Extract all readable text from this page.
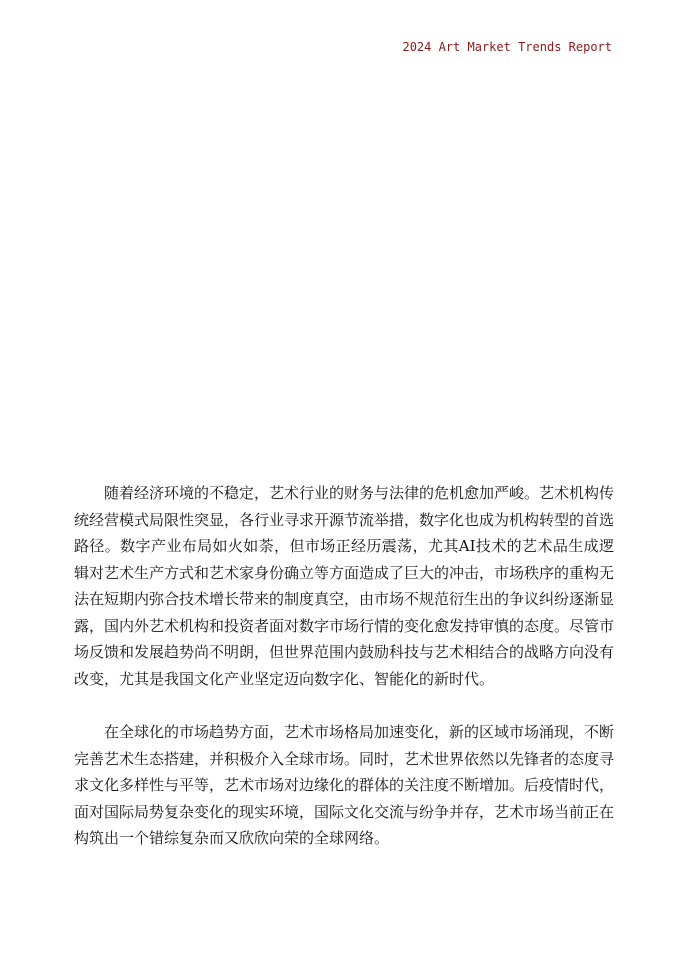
2024 Art Market Trends Report

随着经济环境的不稳定，艺术行业的财务与法律的危机愈加严峻。艺术机构传统经营模式局限性突显，各行业寻求开源节流举措，数字化也成为机构转型的首选路径。数字产业布局如火如荼，但市场正经历震荡，尤其AI技术的艺术品生成逻辑对艺术生产方式和艺术家身份确立等方面造成了巨大的冲击，市场秩序的重构无法在短期内弥合技术增长带来的制度真空，由市场不规范衍生出的争议纠纷逐渐显露，国内外艺术机构和投资者面对数字市场行情的变化愈发持审慎的态度。尽管市场反馈和发展趋势尚不明朗，但世界范围内鼓励科技与艺术相结合的战略方向没有改变，尤其是我国文化产业坚定迈向数字化、智能化的新时代。

在全球化的市场趋势方面，艺术市场格局加速变化，新的区域市场涌现，不断完善艺术生态搭建，并积极介入全球市场。同时，艺术世界依然以先锋者的态度寻求文化多样性与平等，艺术市场对边缘化的群体的关注度不断增加。后疫情时代，面对国际局势复杂变化的现实环境，国际文化交流与纷争并存，艺术市场当前正在构筑出一个错综复杂而又欣欣向荣的全球网络。
